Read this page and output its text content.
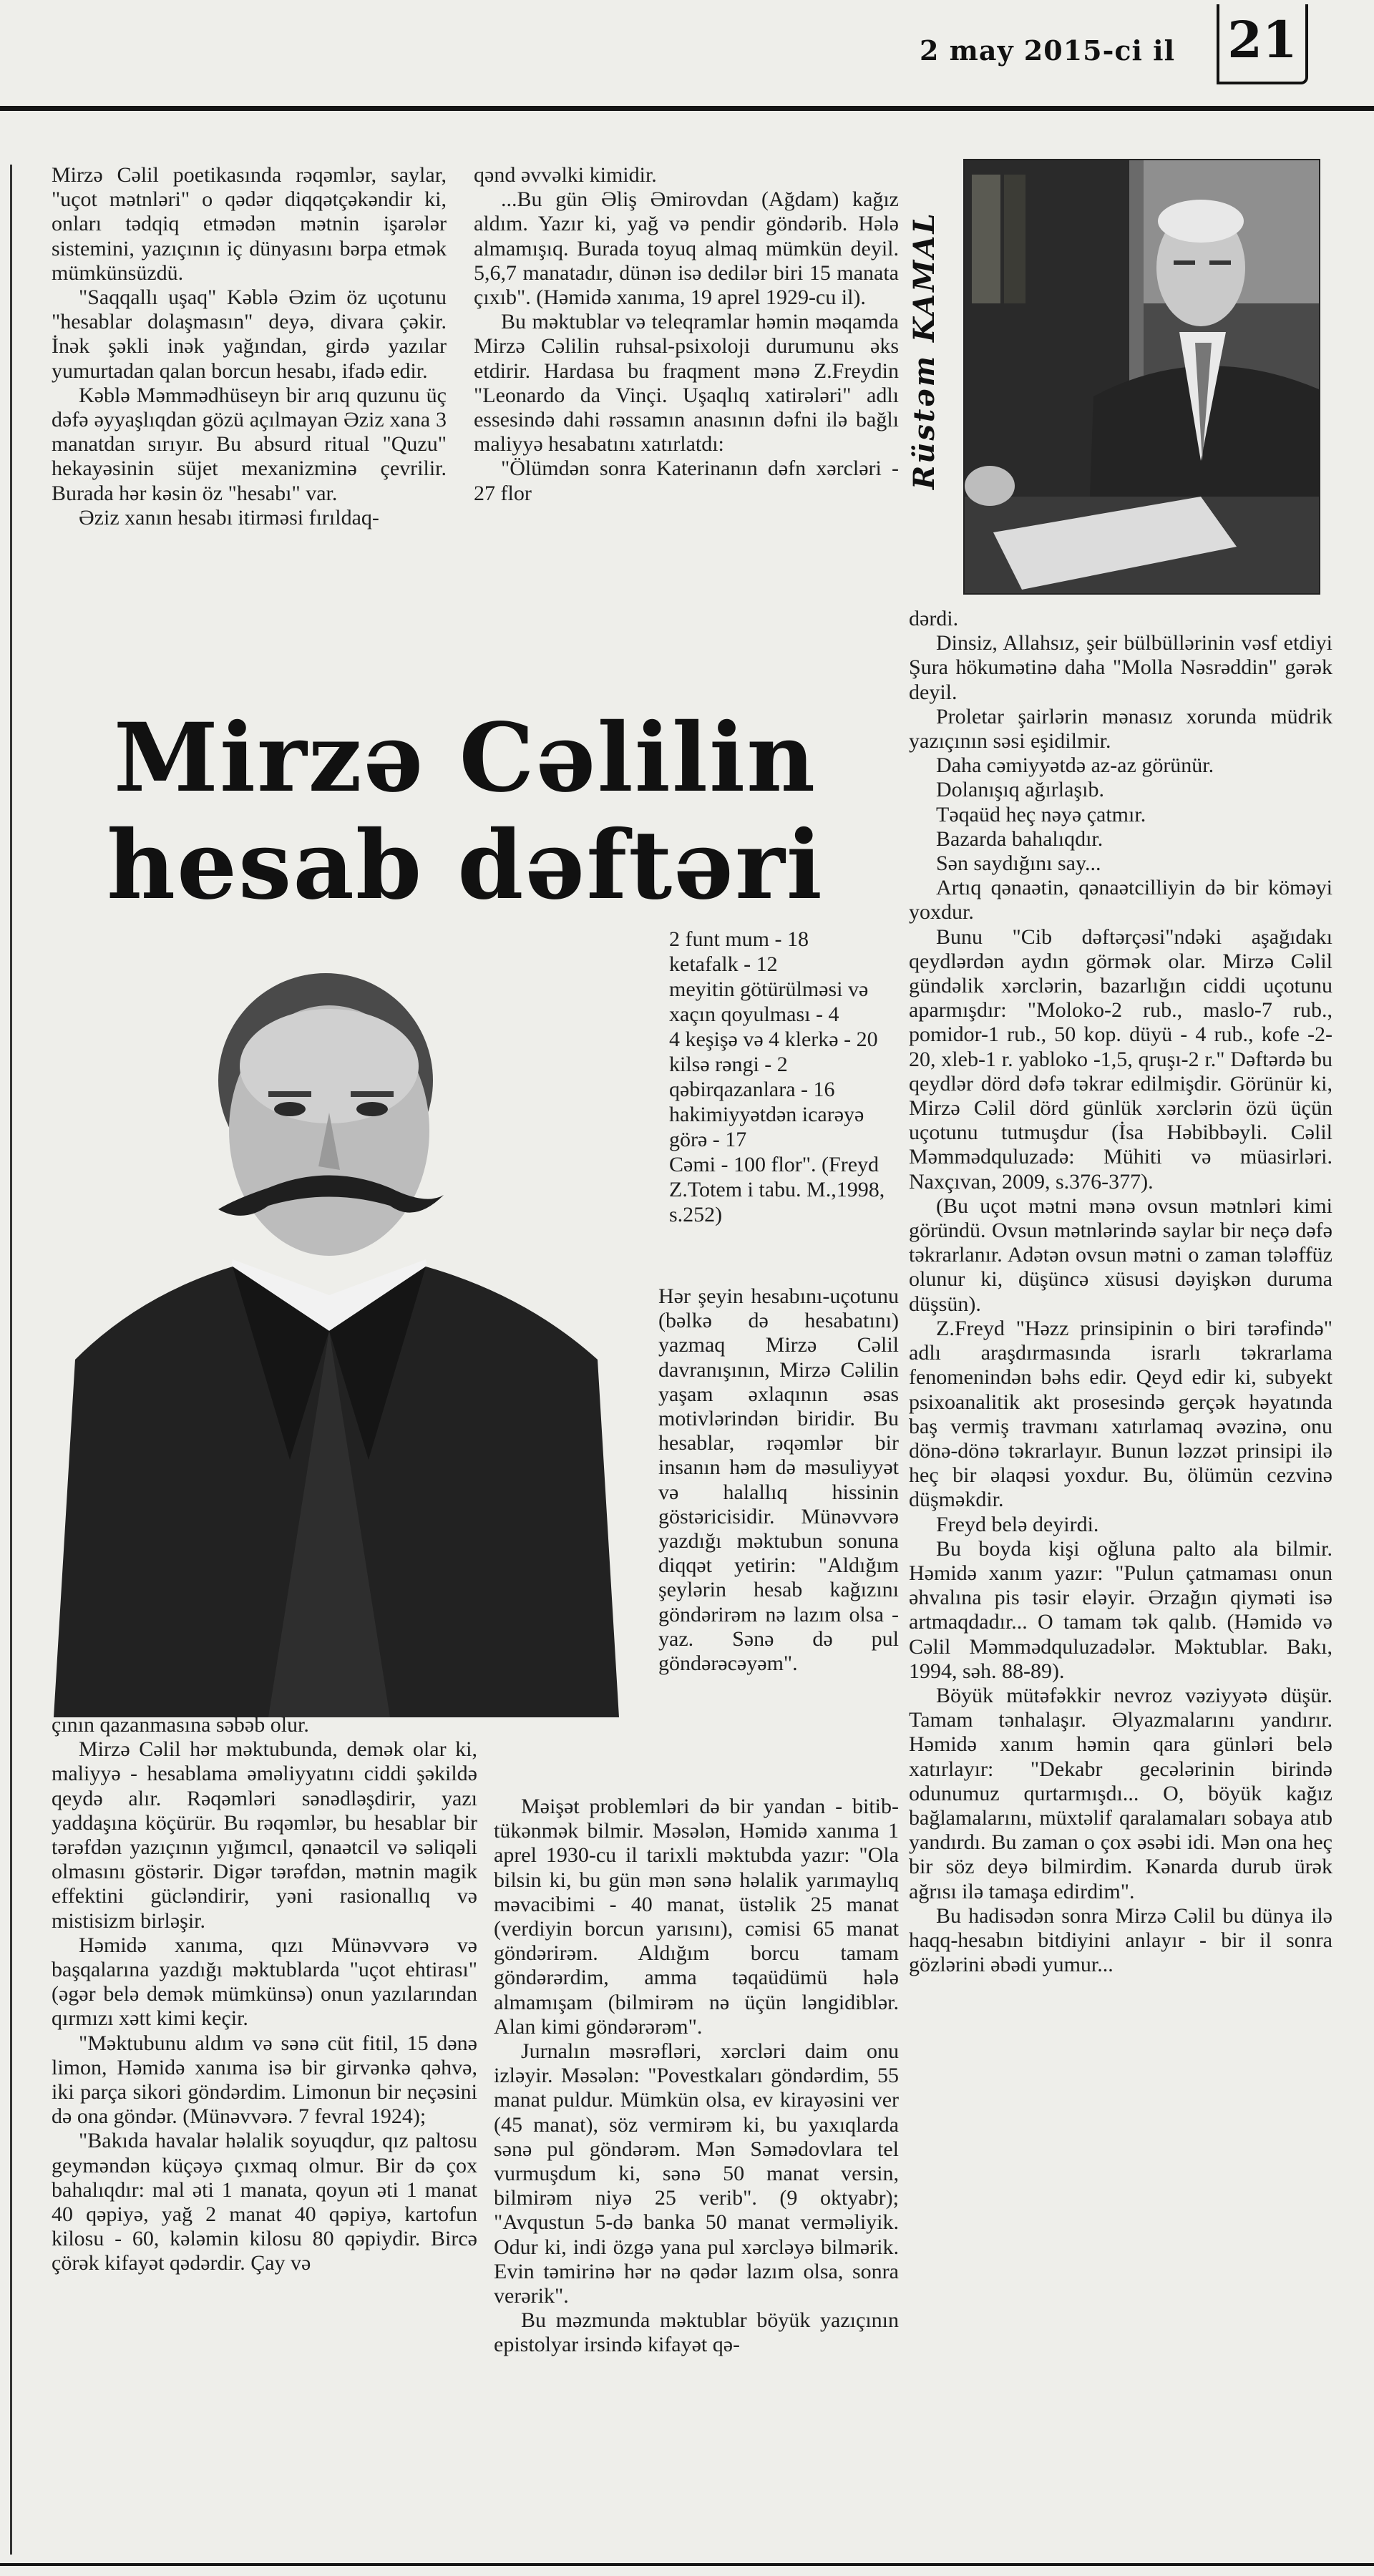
2 may 2015-ci il 21

Mirzə Cəlil poetikasında rəqəmlər, saylar, "uçot mətnləri" o qədər diqqətçəkəndir ki, onları tədqiq etmədən mətnin işarələr sistemini, yazıçının iç dünyasını bərpa etmək mümkünsüzdü.

"Saqqallı uşaq" Kəblə Əzim öz uçotunu "hesablar dolaşmasın" deyə, divara çəkir. İnək şəkli inək yağından, girdə yazılar yumurtadan qalan borcun hesabı, ifadə edir.

Kəblə Məmmədhüseyn bir arıq quzunu üç dəfə əyyaşlıqdan gözü açılmayan Əziz xana 3 manatdan sırıyır. Bu absurd ritual "Quzu" hekayəsinin süjet mexanizminə çevrilir. Burada hər kəsin öz "hesabı" var.

Əziz xanın hesabı itirməsi fırıldaq-

qənd əvvəlki kimidir.

...Bu gün Əliş Əmirovdan (Ağdam) kağız aldım. Yazır ki, yağ və pendir göndərib. Hələ almamışıq. Burada toyuq almaq mümkün deyil. 5,6,7 manatadır, dünən isə dedilər biri 15 manata çıxıb". (Həmidə xanıma, 19 aprel 1929-cu il).

Bu məktublar və teleqramlar həmin məqamda Mirzə Cəlilin ruhsal-psixoloji durumunu əks etdirir. Hardasa bu fraqment mənə Z.Freydin "Leonardo da Vinçi. Uşaqlıq xatirələri" adlı essesində dahi rəssamın anasının dəfni ilə bağlı maliyyə hesabatını xatırlatdı:

"Ölümdən sonra Katerinanın dəfn xərcləri - 27 flor

Rüstəm KAMAL
Mirzə Cəlilin
hesab dəftəri

2 funt mum - 18

ketafalk - 12

meyitin götürülməsi və xaçın qoyulması - 4

4 keşişə və 4 klerkə - 20

kilsə rəngi - 2

qəbirqazanlara - 16

hakimiyyətdən icarəyə görə - 17

Cəmi - 100 flor". (Freyd Z.Totem i tabu. M.,1998, s.252)

Hər şeyin hesabını-uçotunu (bəlkə də hesabatını) yazmaq Mirzə Cəlil davranışının, Mirzə Cəlilin yaşam əxlaqının əsas motivlərindən biridir. Bu hesablar, rəqəmlər bir insanın həm də məsuliyyət və halallıq hissinin göstəricisidir. Münəvvərə yazdığı məktubun sonuna diqqət yetirin: "Aldığım şeylərin hesab kağızını göndərirəm nə lazım olsa - yaz. Sənə də pul göndərəcəyəm".

çının qazanmasına səbəb olur.

Mirzə Cəlil hər məktubunda, demək olar ki, maliyyə - hesablama əməliyyatını ciddi şəkildə qeydə alır. Rəqəmləri sənədləşdirir, yazı yaddaşına köçürür. Bu rəqəmlər, bu hesablar bir tərəfdən yazıçının yığımcıl, qənaətcil və səliqəli olmasını göstərir. Digər tərəfdən, mətnin magik effektini gücləndirir, yəni rasionallıq və mistisizm birləşir.

Həmidə xanıma, qızı Münəvvərə və başqalarına yazdığı məktublarda "uçot ehtirası" (əgər belə demək mümkünsə) onun yazılarından qırmızı xətt kimi keçir.

"Məktubunu aldım və sənə cüt fitil, 15 dənə limon, Həmidə xanıma isə bir girvənkə qəhvə, iki parça sikori göndərdim. Limonun bir neçəsini də ona göndər. (Münəvvərə. 7 fevral 1924);

"Bakıda havalar həlalik soyuqdur, qız paltosu geyməndən küçəyə çıxmaq olmur. Bir də çox bahalıqdır: mal əti 1 manata, qoyun əti 1 manat 40 qəpiyə, yağ 2 manat 40 qəpiyə, kartofun kilosu - 60, kələmin kilosu 80 qəpiydir. Bircə çörək kifayət qədərdir. Çay və

Məişət problemləri də bir yandan - bitib-tükənmək bilmir. Məsələn, Həmidə xanıma 1 aprel 1930-cu il tarixli məktubda yazır: "Ola bilsin ki, bu gün mən sənə həlalik yarımaylıq məvacibimi - 40 manat, üstəlik 25 manat (verdiyin borcun yarısını), cəmisi 65 manat göndərirəm. Aldığım borcu tamam göndərərdim, amma təqaüdümü hələ almamışam (bilmirəm nə üçün ləngidiblər. Alan kimi göndərərəm".

Jurnalın məsrəfləri, xərcləri daim onu izləyir. Məsələn: "Povestkaları göndərdim, 55 manat puldur. Mümkün olsa, ev kirayəsini ver (45 manat), söz vermirəm ki, bu yaxıqlarda sənə pul göndərəm. Mən Səmədovlara tel vurmuşdum ki, sənə 50 manat versin, bilmirəm niyə 25 verib". (9 oktyabr); "Avqustun 5-də banka 50 manat verməliyik. Odur ki, indi özgə yana pul xərcləyə bilmərik. Evin təmirinə hər nə qədər lazım olsa, sonra verərik".

Bu məzmunda məktublar böyük yazıçının epistolyar irsində kifayət qə-

dərdi.

Dinsiz, Allahsız, şeir bülbüllərinin vəsf etdiyi Şura hökumətinə daha "Molla Nəsrəddin" gərək deyil.

Proletar şairlərin mənasız xorunda müdrik yazıçının səsi eşidilmir.

Daha cəmiyyətdə az-az görünür.

Dolanışıq ağırlaşıb.

Təqaüd heç nəyə çatmır.

Bazarda bahalıqdır.

Sən saydığını say...

Artıq qənaətin, qənaətcilliyin də bir köməyi yoxdur.

Bunu "Cib dəftərçəsi"ndəki aşağıdakı qeydlərdən aydın görmək olar. Mirzə Cəlil gündəlik xərclərin, bazarlığın ciddi uçotunu aparmışdır: "Moloko-2 rub., maslo-7 rub., pomidor-1 rub., 50 kop. düyü - 4 rub., kofe -2-20, xleb-1 r. yabloko -1,5, qruşı-2 r." Dəftərdə bu qeydlər dörd dəfə təkrar edilmişdir. Görünür ki, Mirzə Cəlil dörd günlük xərclərin özü üçün uçotunu tutmuşdur (İsa Həbibbəyli. Cəlil Məmmədquluzadə: Mühiti və müasirləri. Naxçıvan, 2009, s.376-377).

(Bu uçot mətni mənə ovsun mətnləri kimi göründü. Ovsun mətnlərində saylar bir neçə dəfə təkrarlanır. Adətən ovsun mətni o zaman tələffüz olunur ki, düşüncə xüsusi dəyişkən duruma düşsün).

Z.Freyd "Həzz prinsipinin o biri tərəfində" adlı araşdırmasında israrlı təkrarlama fenomenindən bəhs edir. Qeyd edir ki, subyekt psixoanalitik akt prosesində gerçək həyatında baş vermiş travmanı xatırlamaq əvəzinə, onu dönə-dönə təkrarlayır. Bunun ləzzət prinsipi ilə heç bir əlaqəsi yoxdur. Bu, ölümün cezvinə düşməkdir.

Freyd belə deyirdi.

Bu boyda kişi oğluna palto ala bilmir. Həmidə xanım yazır: "Pulun çatmaması onun əhvalına pis təsir eləyir. Ərzağın qiyməti isə artmaqdadır... O tamam tək qalıb. (Həmidə və Cəlil Məmmədquluzadələr. Məktublar. Bakı, 1994, səh. 88-89).

Böyük mütəfəkkir nevroz vəziyyətə düşür. Tamam tənhalaşır. Əlyazmalarını yandırır. Həmidə xanım həmin qara günləri belə xatırlayır: "Dekabr gecələrinin birində odunumuz qurtarmışdı... O, böyük kağız bağlamalarını, müxtəlif qaralamaları sobaya atıb yandırdı. Bu zaman o çox əsəbi idi. Mən ona heç bir söz deyə bilmirdim. Kənarda durub ürək ağrısı ilə tamaşa edirdim".

Bu hadisədən sonra Mirzə Cəlil bu dünya ilə haqq-hesabın bitdiyini anlayır - bir il sonra gözlərini əbədi yumur...
